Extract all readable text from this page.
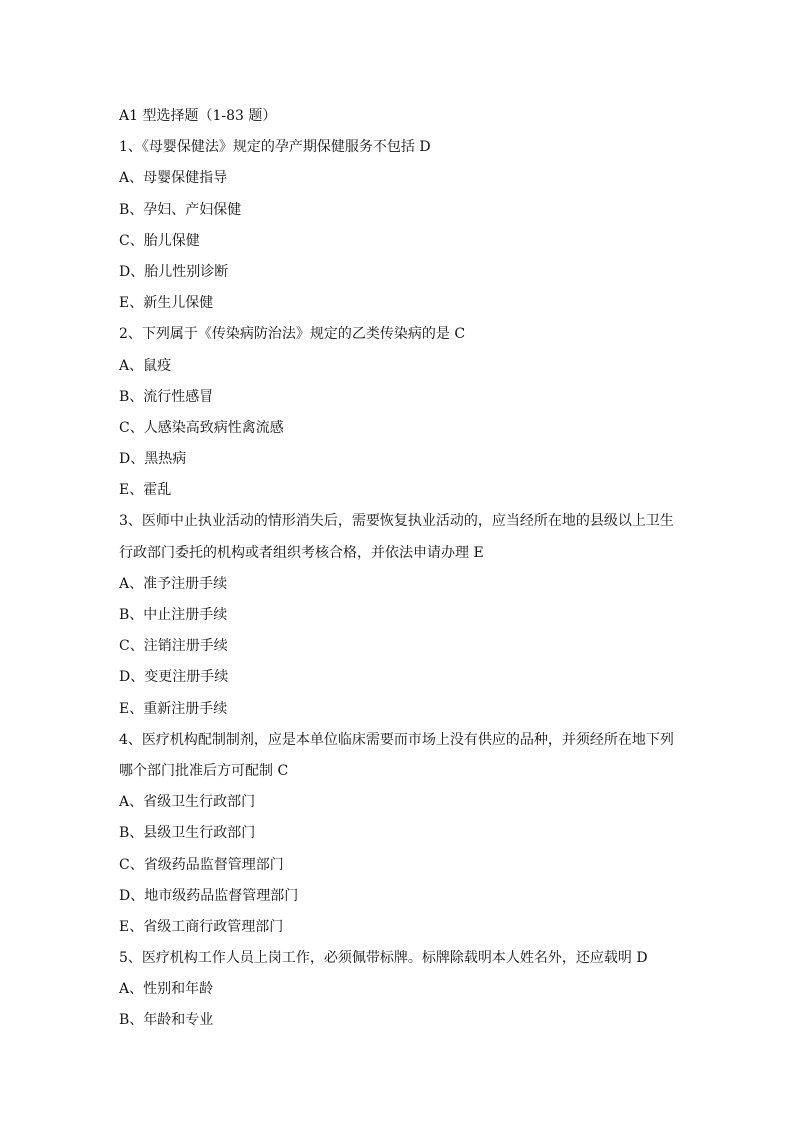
A1 型选择题（1-83 题）
1、《母婴保健法》规定的孕产期保健服务不包括 D
A、母婴保健指导
B、孕妇、产妇保健
C、胎儿保健
D、胎儿性别诊断
E、新生儿保健
2、下列属于《传染病防治法》规定的乙类传染病的是 C
A、鼠疫
B、流行性感冒
C、人感染高致病性禽流感
D、黑热病
E、霍乱
3、医师中止执业活动的情形消失后，需要恢复执业活动的，应当经所在地的县级以上卫生
行政部门委托的机构或者组织考核合格，并依法申请办理 E
A、准予注册手续
B、中止注册手续
C、注销注册手续
D、变更注册手续
E、重新注册手续
4、医疗机构配制制剂，应是本单位临床需要而市场上没有供应的品种，并须经所在地下列
哪个部门批准后方可配制 C
A、省级卫生行政部门
B、县级卫生行政部门
C、省级药品监督管理部门
D、地市级药品监督管理部门
E、省级工商行政管理部门
5、医疗机构工作人员上岗工作，必须佩带标牌。标牌除载明本人姓名外，还应载明 D
A、性别和年龄
B、年龄和专业
